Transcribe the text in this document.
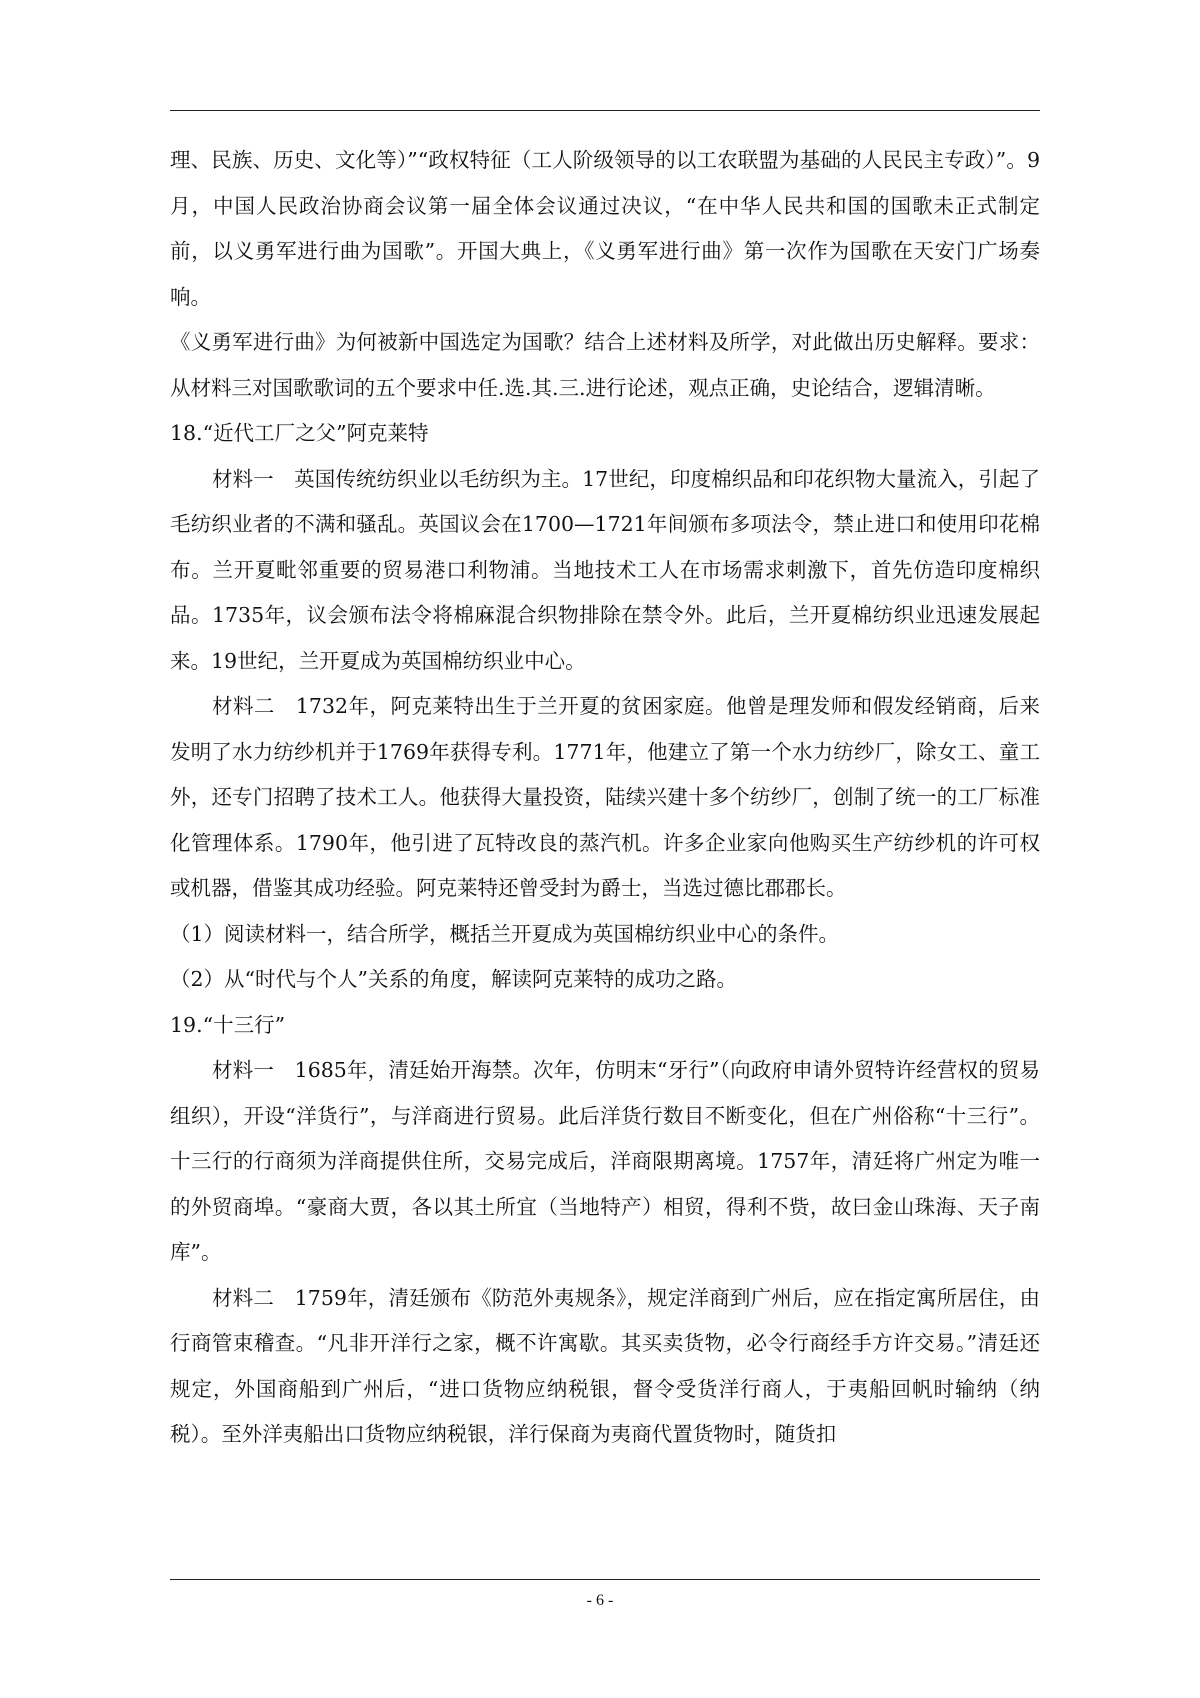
理、民族、历史、文化等）”“政权特征（工人阶级领导的以工农联盟为基础的人民民主专政）”。9月，中国人民政治协商会议第一届全体会议通过决议，“在中华人民共和国的国歌未正式制定前，以义勇军进行曲为国歌”。开国大典上，《义勇军进行曲》第一次作为国歌在天安门广场奏响。

《义勇军进行曲》为何被新中国选定为国歌？结合上述材料及所学，对此做出历史解释。要求：从材料三对国歌歌词的五个要求中任.选.其.三.进行论述，观点正确，史论结合，逻辑清晰。

18.“近代工厂之父”阿克莱特

材料一　英国传统纺织业以毛纺织为主。17世纪，印度棉织品和印花织物大量流入，引起了毛纺织业者的不满和骚乱。英国议会在1700—1721年间颁布多项法令，禁止进口和使用印花棉布。兰开夏毗邻重要的贸易港口利物浦。当地技术工人在市场需求刺激下，首先仿造印度棉织品。1735年，议会颁布法令将棉麻混合织物排除在禁令外。此后，兰开夏棉纺织业迅速发展起来。19世纪，兰开夏成为英国棉纺织业中心。

材料二　1732年，阿克莱特出生于兰开夏的贫困家庭。他曾是理发师和假发经销商，后来发明了水力纺纱机并于1769年获得专利。1771年，他建立了第一个水力纺纱厂，除女工、童工外，还专门招聘了技术工人。他获得大量投资，陆续兴建十多个纺纱厂，创制了统一的工厂标准化管理体系。1790年，他引进了瓦特改良的蒸汽机。许多企业家向他购买生产纺纱机的许可权或机器，借鉴其成功经验。阿克莱特还曾受封为爵士，当选过德比郡郡长。

（1）阅读材料一，结合所学，概括兰开夏成为英国棉纺织业中心的条件。

（2）从“时代与个人”关系的角度，解读阿克莱特的成功之路。

19.“十三行”

材料一　1685年，清廷始开海禁。次年，仿明末“牙行”（向政府申请外贸特许经营权的贸易组织），开设“洋货行”，与洋商进行贸易。此后洋货行数目不断变化，但在广州俗称“十三行”。十三行的行商须为洋商提供住所，交易完成后，洋商限期离境。1757年，清廷将广州定为唯一的外贸商埠。“豪商大贾，各以其土所宜（当地特产）相贸，得利不赀，故曰金山珠海、天子南库”。

材料二　1759年，清廷颁布《防范外夷规条》，规定洋商到广州后，应在指定寓所居住，由行商管束稽查。“凡非开洋行之家，概不许寓歇。其买卖货物，必令行商经手方许交易。”清廷还规定，外国商船到广州后，“进口货物应纳税银，督令受货洋行商人，于夷船回帆时输纳（纳税）。至外洋夷船出口货物应纳税银，洋行保商为夷商代置货物时，随货扣

- 6 -
